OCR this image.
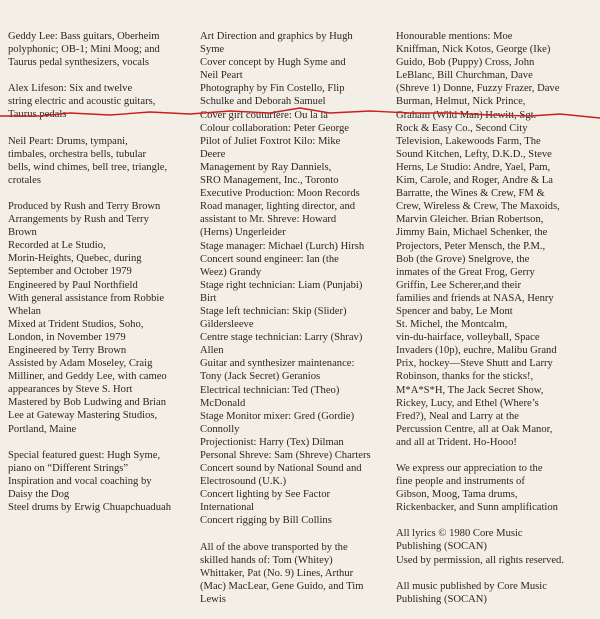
Geddy Lee: Bass guitars, Oberheim
polyphonic; OB-1; Mini Moog; and
Taurus pedal synthesizers, vocals

Alex Lifeson: Six and twelve
string electric and acoustic guitars,
Taurus pedals

Neil Peart: Drums, tympani,
timbales, orchestra bells, tubular
bells, wind chimes, bell tree, triangle,
crotales

Produced by Rush and Terry Brown
Arrangements by Rush and Terry
Brown
Recorded at Le Studio,
Morin-Heights, Quebec, during
September and October 1979
Engineered by Paul Northfield
With general assistance from Robbie
Whelan
Mixed at Trident Studios, Soho,
London, in November 1979
Engineered by Terry Brown
Assisted by Adam Moseley, Craig
Milliner, and Geddy Lee, with cameo
appearances by Steve S. Hort
Mastered by Bob Ludwing and Brian
Lee at Gateway Mastering Studios,
Portland, Maine

Special featured guest: Hugh Syme,
piano on “Different Strings”
Inspiration and vocal coaching by
Daisy the Dog
Steel drums by Erwig Chuapchuaduah

Art Direction and graphics by Hugh
Syme
Cover concept by Hugh Syme and
Neil Peart
Photography by Fin Costello, Flip
Schulke and Deborah Samuel
Cover girl couturière: Ou la la
Colour collaboration: Peter George
Pilot of Juliet Foxtrot Kilo: Mike
Deere
Management by Ray Danniels,
SRO Management, Inc., Toronto
Executive Production: Moon Records
Road manager, lighting director, and
assistant to Mr. Shreve: Howard
(Herns) Ungerleider
Stage manager: Michael (Lurch) Hirsh
Concert sound engineer: Ian (the
Weez) Grandy
Stage right technician: Liam (Punjabi)
Birt
Stage left technician: Skip (Slider)
Gildersleeve
Centre stage technician: Larry (Shrav)
Allen
Guitar and synthesizer maintenance:
Tony (Jack Secret) Geranios
Electrical technician: Ted (Theo)
McDonald
Stage Monitor mixer: Gred (Gordie)
Connolly
Projectionist: Harry (Tex) Dilman
Personal Shreve: Sam (Shreve) Charters
Concert sound by National Sound and
Electrosound (U.K.)
Concert lighting by See Factor
International
Concert rigging by Bill Collins

All of the above transported by the
skilled hands of: Tom (Whitey)
Whittaker, Pat (No. 9) Lines, Arthur
(Mac) MacLear, Gene Guido, and Tim
Lewis

Honourable mentions: Moe
Kniffman, Nick Kotos, George (Ike)
Guido, Bob (Puppy) Cross, John
LeBlanc, Bill Churchman, Dave
(Shreve 1) Donne, Fuzzy Frazer, Dave
Burman, Helmut, Nick Prince,
Graham (Wild Man) Hewitt, Sgt.
Rock & Easy Co., Second City
Television, Lakewoods Farm, The
Sound Kitchen, Lefty, D.K.D., Steve
Herns, Le Studio: Andre, Yael, Pam,
Kim, Carole, and Roger, Andre & La
Barratte, the Wines & Crew, FM &
Crew, Wireless & Crew, The Maxoids,
Marvin Gleicher. Brian Robertson,
Jimmy Bain, Michael Schenker, the
Projectors, Peter Mensch, the P.M.,
Bob (the Grove) Snelgrove, the
inmates of the Great Frog, Gerry
Griffin, Lee Scherer,and their
families and friends at NASA, Henry
Spencer and baby, Le Mont
St. Michel, the Montcalm,
vin-du-hairface, volleyball, Space
Invaders (10p), euchre, Malibu Grand
Prix, hockey—Steve Shutt and Larry
Robinson, thanks for the sticks!,
M*A*S*H, The Jack Secret Show,
Rickey, Lucy, and Ethel (Where’s
Fred?), Neal and Larry at the
Percussion Centre, all at Oak Manor,
and all at Trident. Ho-Hooo!

We express our appreciation to the
fine people and instruments of
Gibson, Moog, Tama drums,
Rickenbacker, and Sunn amplification

All lyrics © 1980 Core Music
Publishing (SOCAN)
Used by permission, all rights reserved.

All music published by Core Music
Publishing (SOCAN)
